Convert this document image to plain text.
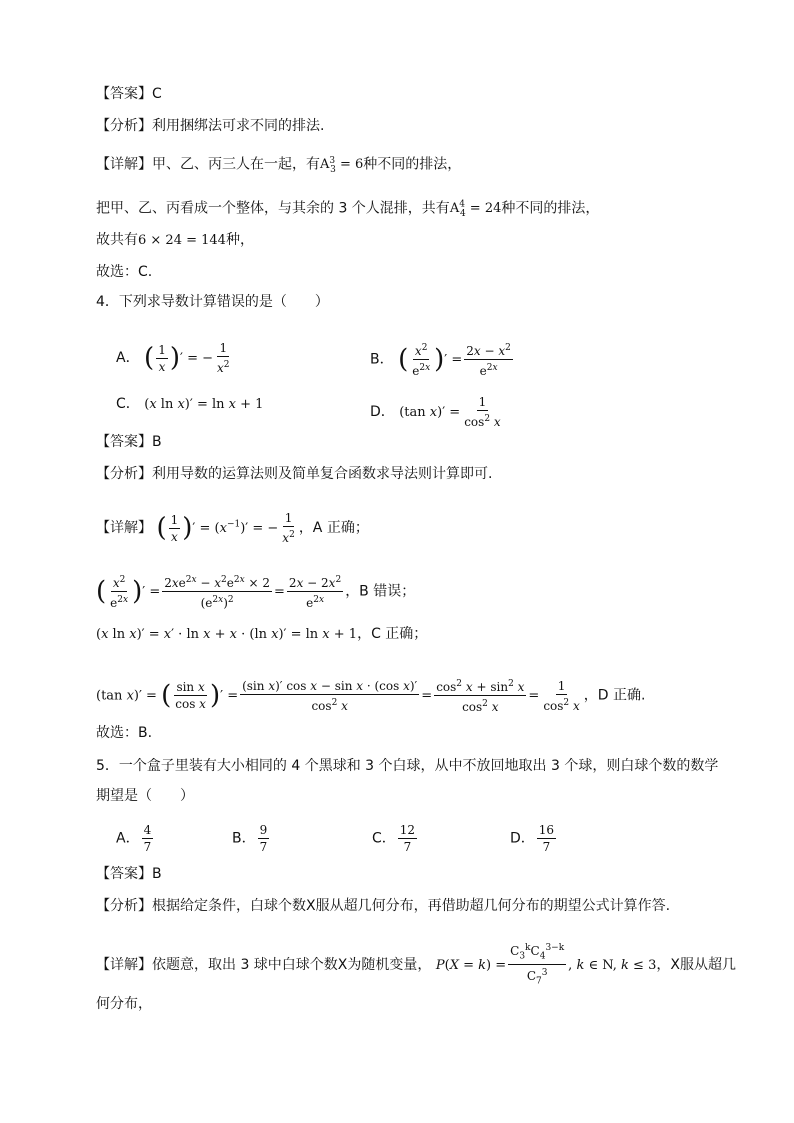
【答案】C
【分析】利用捆绑法可求不同的排法.
【详解】甲、乙、丙三人在一起，有$A^3_3 = 6$种不同的排法，
把甲、乙、丙看成一个整体，与其余的 3 个人混排，共有$A^4_4 = 24$种不同的排法，
故共有6 × 24 = 144种，
故选：C.
4．下列求导数计算错误的是（　　）
A． ( $\frac{1}{x}$ )′ = − $\frac{1}{x^2}$	B． ( $\frac{x^2}{e^{2x}}$ )′ = $\frac{2x - x^2}{e^{2x}}$
C． (x ln x)′ = ln x + 1	D． (tan $x)' = \frac{1}{\cos^2 x}$
【答案】B
【分析】利用导数的运算法则及简单复合函数求导法则计算即可.
【详解】 ( $\frac{1}{x}$ )′ = $(x^{-1})'$ = − $\frac{1}{x^2}$ ，A 正确；
( $\frac{x^2}{e^{2x}}$ )′ = $\frac{2xe^{2x} - x^2e^{2x} \times 2}{(e^{2x})^2} = \frac{2x - 2x^2}{e^{2x}}$ ，B 错误；
(x ln x)′ = x′ · ln x + x · (ln x)′ = ln x + 1，C 正确；
(tan x)′ = ( $\frac{\text{sin x}}{\text{cos x}}$ )′ = $\frac{\text{(sin x)′ cos x − sin x · (cos x)′}}{\cos^2 x} = \frac{\cos^2 x + \sin^2 x}{\cos^2 x} = \frac{1}{\cos^2 x}$ ，D 正确.
故选：B.
5．一个盒子里装有大小相同的 4 个黑球和 3 个白球，从中不放回地取出 3 个球，则白球个数的数学
期望是（　　）
A． $\frac{4}{7}$	B． $\frac{9}{7}$	C． $\frac{12}{7}$	D． $\frac{16}{7}$
【答案】B
【分析】根据给定条件，白球个数X服从超几何分布，再借助超几何分布的期望公式计算作答.
【详解】依题意，取出 3 球中白球个数X为随机变量， $P(X = k) = \frac{C_3^kC_4^{3-k}}{C_7^3}$ , k ∈ N, k ≤ 3，X服从超几
何分布，
